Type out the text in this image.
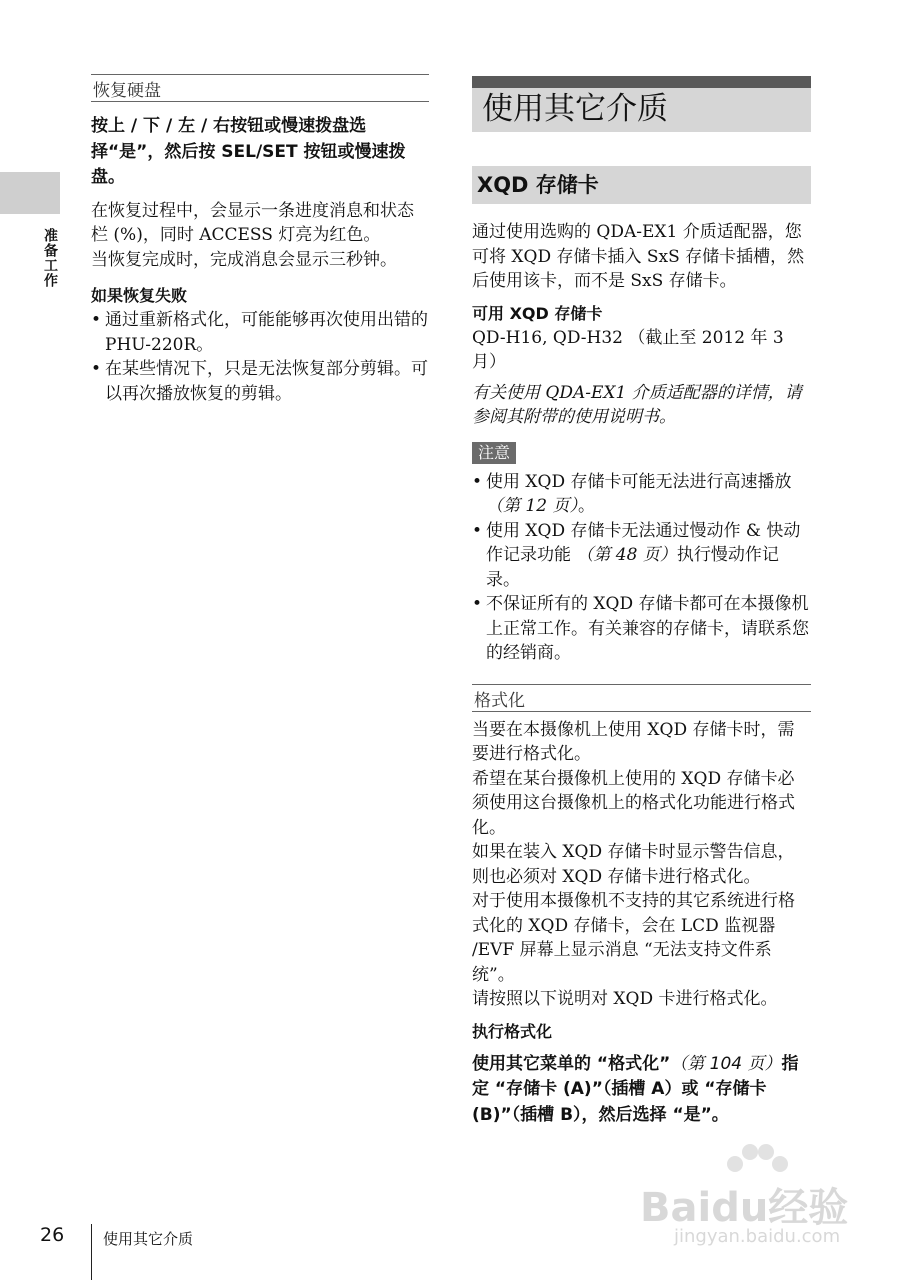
准备工作
恢复硬盘

按上 / 下 / 左 / 右按钮或慢速拨盘选择“是”，然后按 SEL/SET 按钮或慢速拨盘。

在恢复过程中，会显示一条进度消息和状态栏 (%)，同时 ACCESS 灯亮为红色。

当恢复完成时，完成消息会显示三秒钟。

如果恢复失败
• 通过重新格式化，可能能够再次使用出错的 PHU-220R。
• 在某些情况下，只是无法恢复部分剪辑。可以再次播放恢复的剪辑。
使用其它介质
XQD 存储卡

通过使用选购的 QDA-EX1 介质适配器，您可将 XQD 存储卡插入 SxS 存储卡插槽，然后使用该卡，而不是 SxS 存储卡。

可用 XQD 存储卡

QD-H16, QD-H32 （截止至 2012 年 3 月）

有关使用 QDA-EX1 介质适配器的详情，请参阅其附带的使用说明书。

注意
• 使用 XQD 存储卡可能无法进行高速播放 （第 12 页）。
• 使用 XQD 存储卡无法通过慢动作 & 快动作记录功能 （第 48 页）执行慢动作记录。
• 不保证所有的 XQD 存储卡都可在本摄像机上正常工作。有关兼容的存储卡，请联系您的经销商。
格式化

当要在本摄像机上使用 XQD 存储卡时，需要进行格式化。

希望在某台摄像机上使用的 XQD 存储卡必须使用这台摄像机上的格式化功能进行格式化。

如果在装入 XQD 存储卡时显示警告信息，则也必须对 XQD 存储卡进行格式化。

对于使用本摄像机不支持的其它系统进行格式化的 XQD 存储卡，会在 LCD 监视器 /EVF 屏幕上显示消息 “无法支持文件系统”。

请按照以下说明对 XQD 卡进行格式化。

执行格式化

使用其它菜单的 “格式化”（第 104 页）指定 “存储卡 (A)”（插槽 A）或 “存储卡 (B)”（插槽 B），然后选择 “是”。

Baidu经验
jingyan.baidu.com
26	使用其它介质
